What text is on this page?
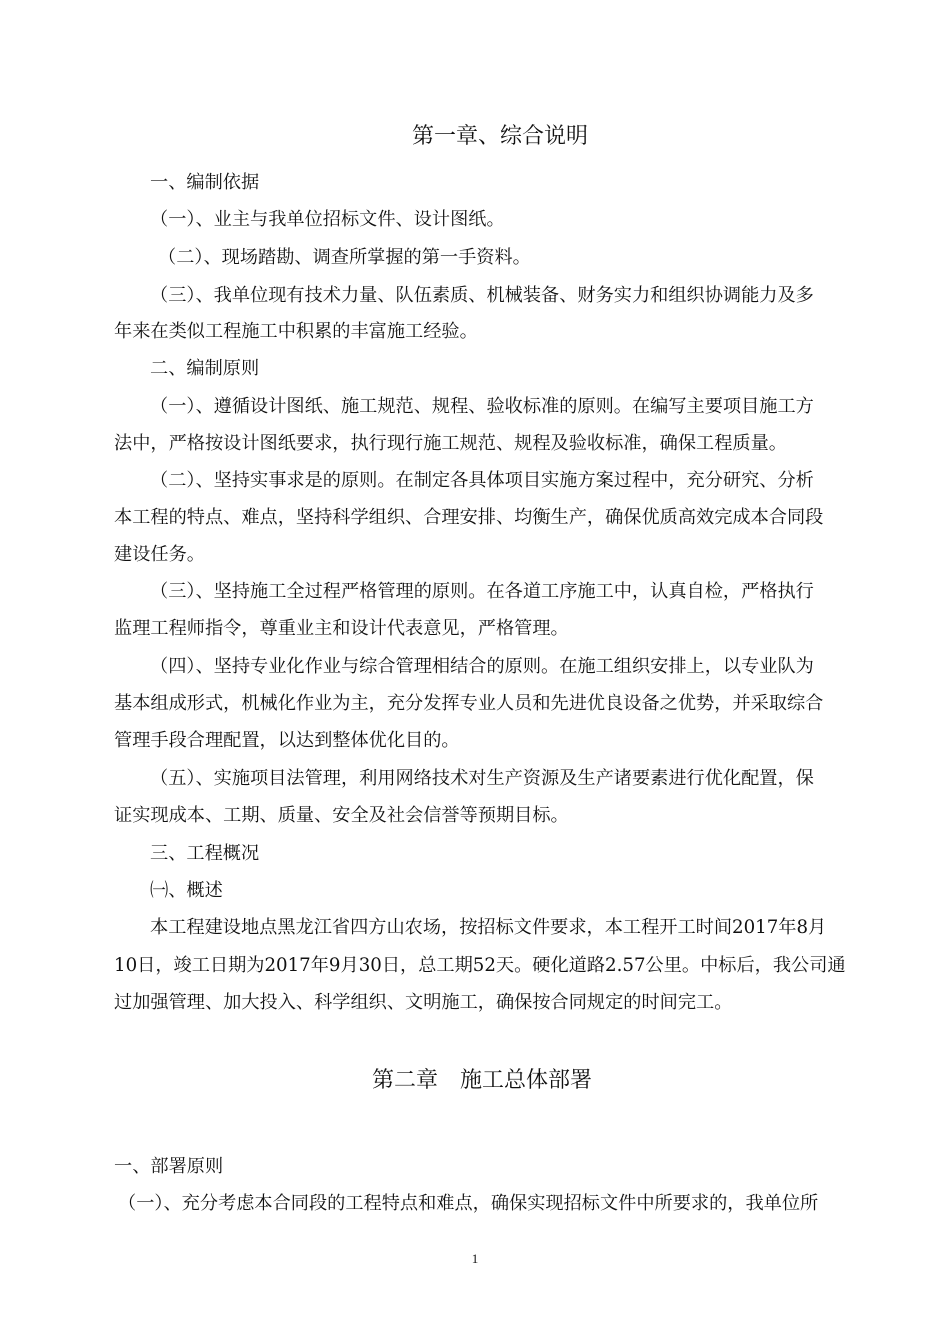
第一章、综合说明
一、编制依据
（一）、业主与我单位招标文件、设计图纸。
（二）、现场踏勘、调查所掌握的第一手资料。
（三）、我单位现有技术力量、队伍素质、机械装备、财务实力和组织协调能力及多
年来在类似工程施工中积累的丰富施工经验。
二、编制原则
（一）、遵循设计图纸、施工规范、规程、验收标准的原则。在编写主要项目施工方
法中，严格按设计图纸要求，执行现行施工规范、规程及验收标准，确保工程质量。
（二）、坚持实事求是的原则。在制定各具体项目实施方案过程中，充分研究、分析
本工程的特点、难点，坚持科学组织、合理安排、均衡生产，确保优质高效完成本合同段
建设任务。
（三）、坚持施工全过程严格管理的原则。在各道工序施工中，认真自检，严格执行
监理工程师指令，尊重业主和设计代表意见，严格管理。
（四）、坚持专业化作业与综合管理相结合的原则。在施工组织安排上，以专业队为
基本组成形式，机械化作业为主，充分发挥专业人员和先进优良设备之优势，并采取综合
管理手段合理配置，以达到整体优化目的。
（五）、实施项目法管理，利用网络技术对生产资源及生产诸要素进行优化配置，保
证实现成本、工期、质量、安全及社会信誉等预期目标。
三、工程概况
㈠、概述
本工程建设地点黑龙江省四方山农场，按招标文件要求，本工程开工时间2017年8月
10日，竣工日期为2017年9月30日，总工期52天。硬化道路2.57公里。中标后，我公司通
过加强管理、加大投入、科学组织、文明施工，确保按合同规定的时间完工。
第二章　施工总体部署
一、部署原则
（一）、充分考虑本合同段的工程特点和难点，确保实现招标文件中所要求的，我单位所
1
